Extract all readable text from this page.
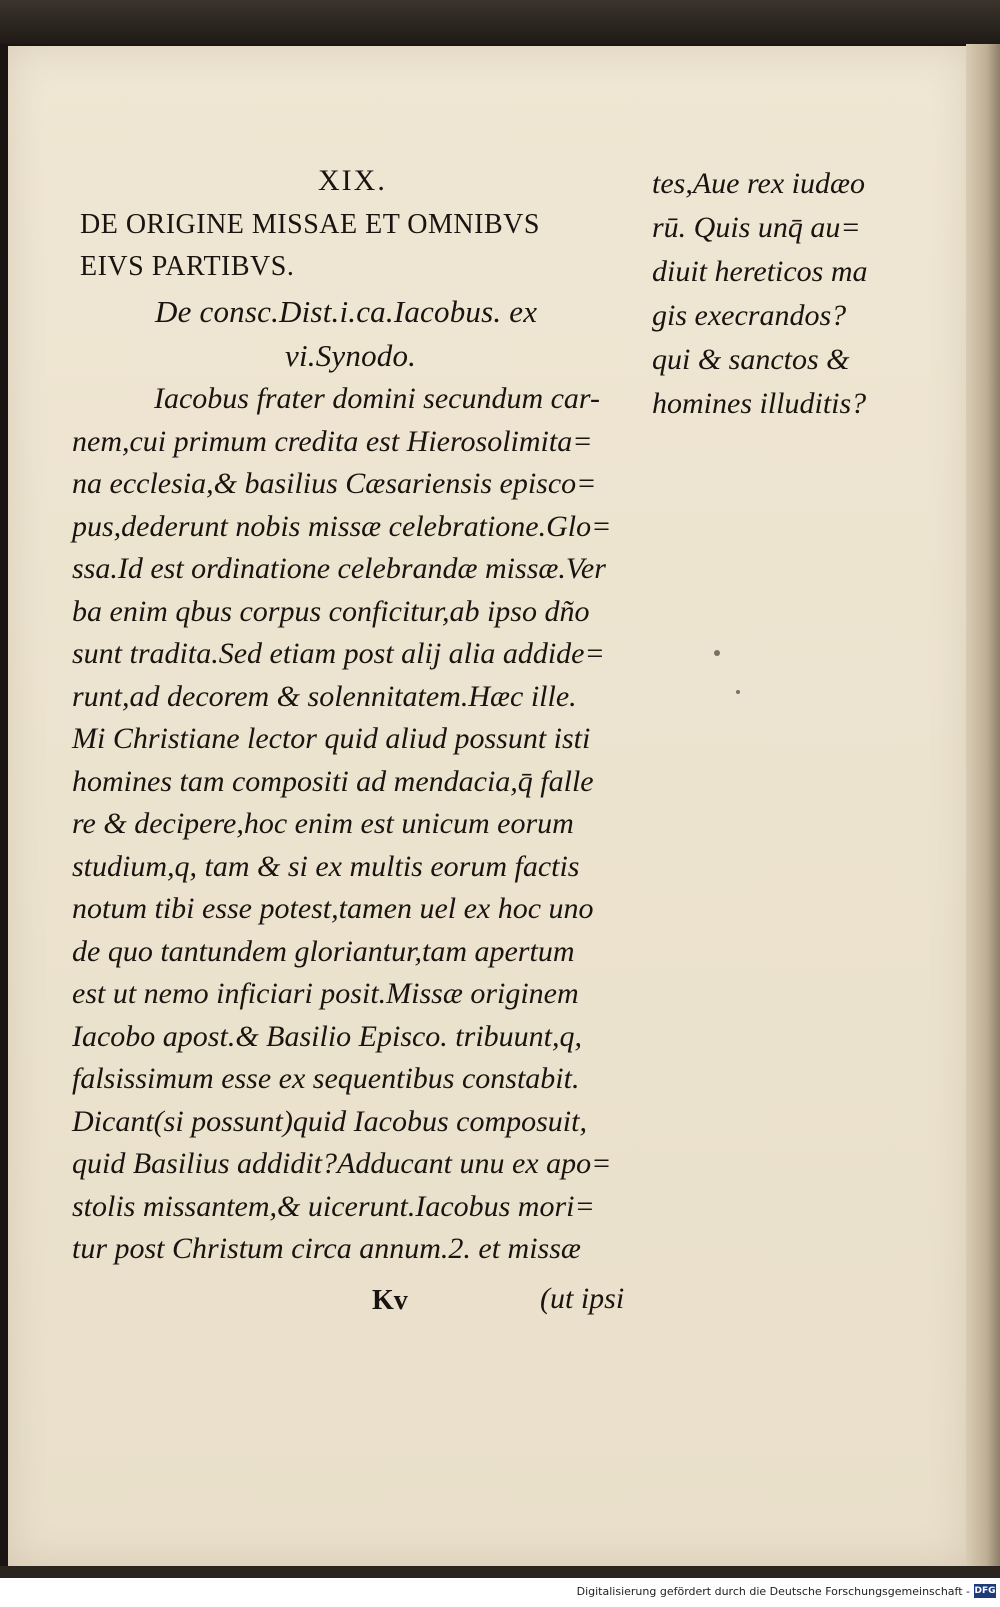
XIX.
DE ORIGINE MISSAE ET OMNIBVS
EIVS PARTIBVS.
De consc.Dist.i.ca.Iacobus. ex
vi.Synodo.
Iacobus frater domini secundum car-
nem,cui primum credita est Hierosolimita=
na ecclesia,& basilius Cæsariensis episco=
pus,dederunt nobis missæ celebratione.Glo=
ssa.Id est ordinatione celebrandæ missæ.Ver
ba enim qbus corpus conficitur,ab ipso dño
sunt tradita.Sed etiam post alij alia addide=
runt,ad decorem & solennitatem.Hæc ille.
Mi Christiane lector quid aliud possunt isti
homines tam compositi ad mendacia,q̄ falle
re & decipere,hoc enim est unicum eorum
studium,q, tam & si ex multis eorum factis
notum tibi esse potest,tamen uel ex hoc uno
de quo tantundem gloriantur,tam apertum
est ut nemo inficiari posit.Missæ originem
Iacobo apost.& Basilio Episco. tribuunt,q,
falsissimum esse ex sequentibus constabit.
Dicant(si possunt)quid Iacobus composuit,
quid Basilius addidit?Adducant unu ex apo=
stolis missantem,& uicerunt.Iacobus mori=
tur post Christum circa annum.2. et missæ
tes,Aue rex iudæo
rū. Quis unq̄ au=
diuit hereticos ma
gis execrandos?
qui & sanctos &
homines illuditis?
Kv	(ut ipsi
Digitalisierung gefördert durch die Deutsche Forschungsgemeinschaft - DFG
